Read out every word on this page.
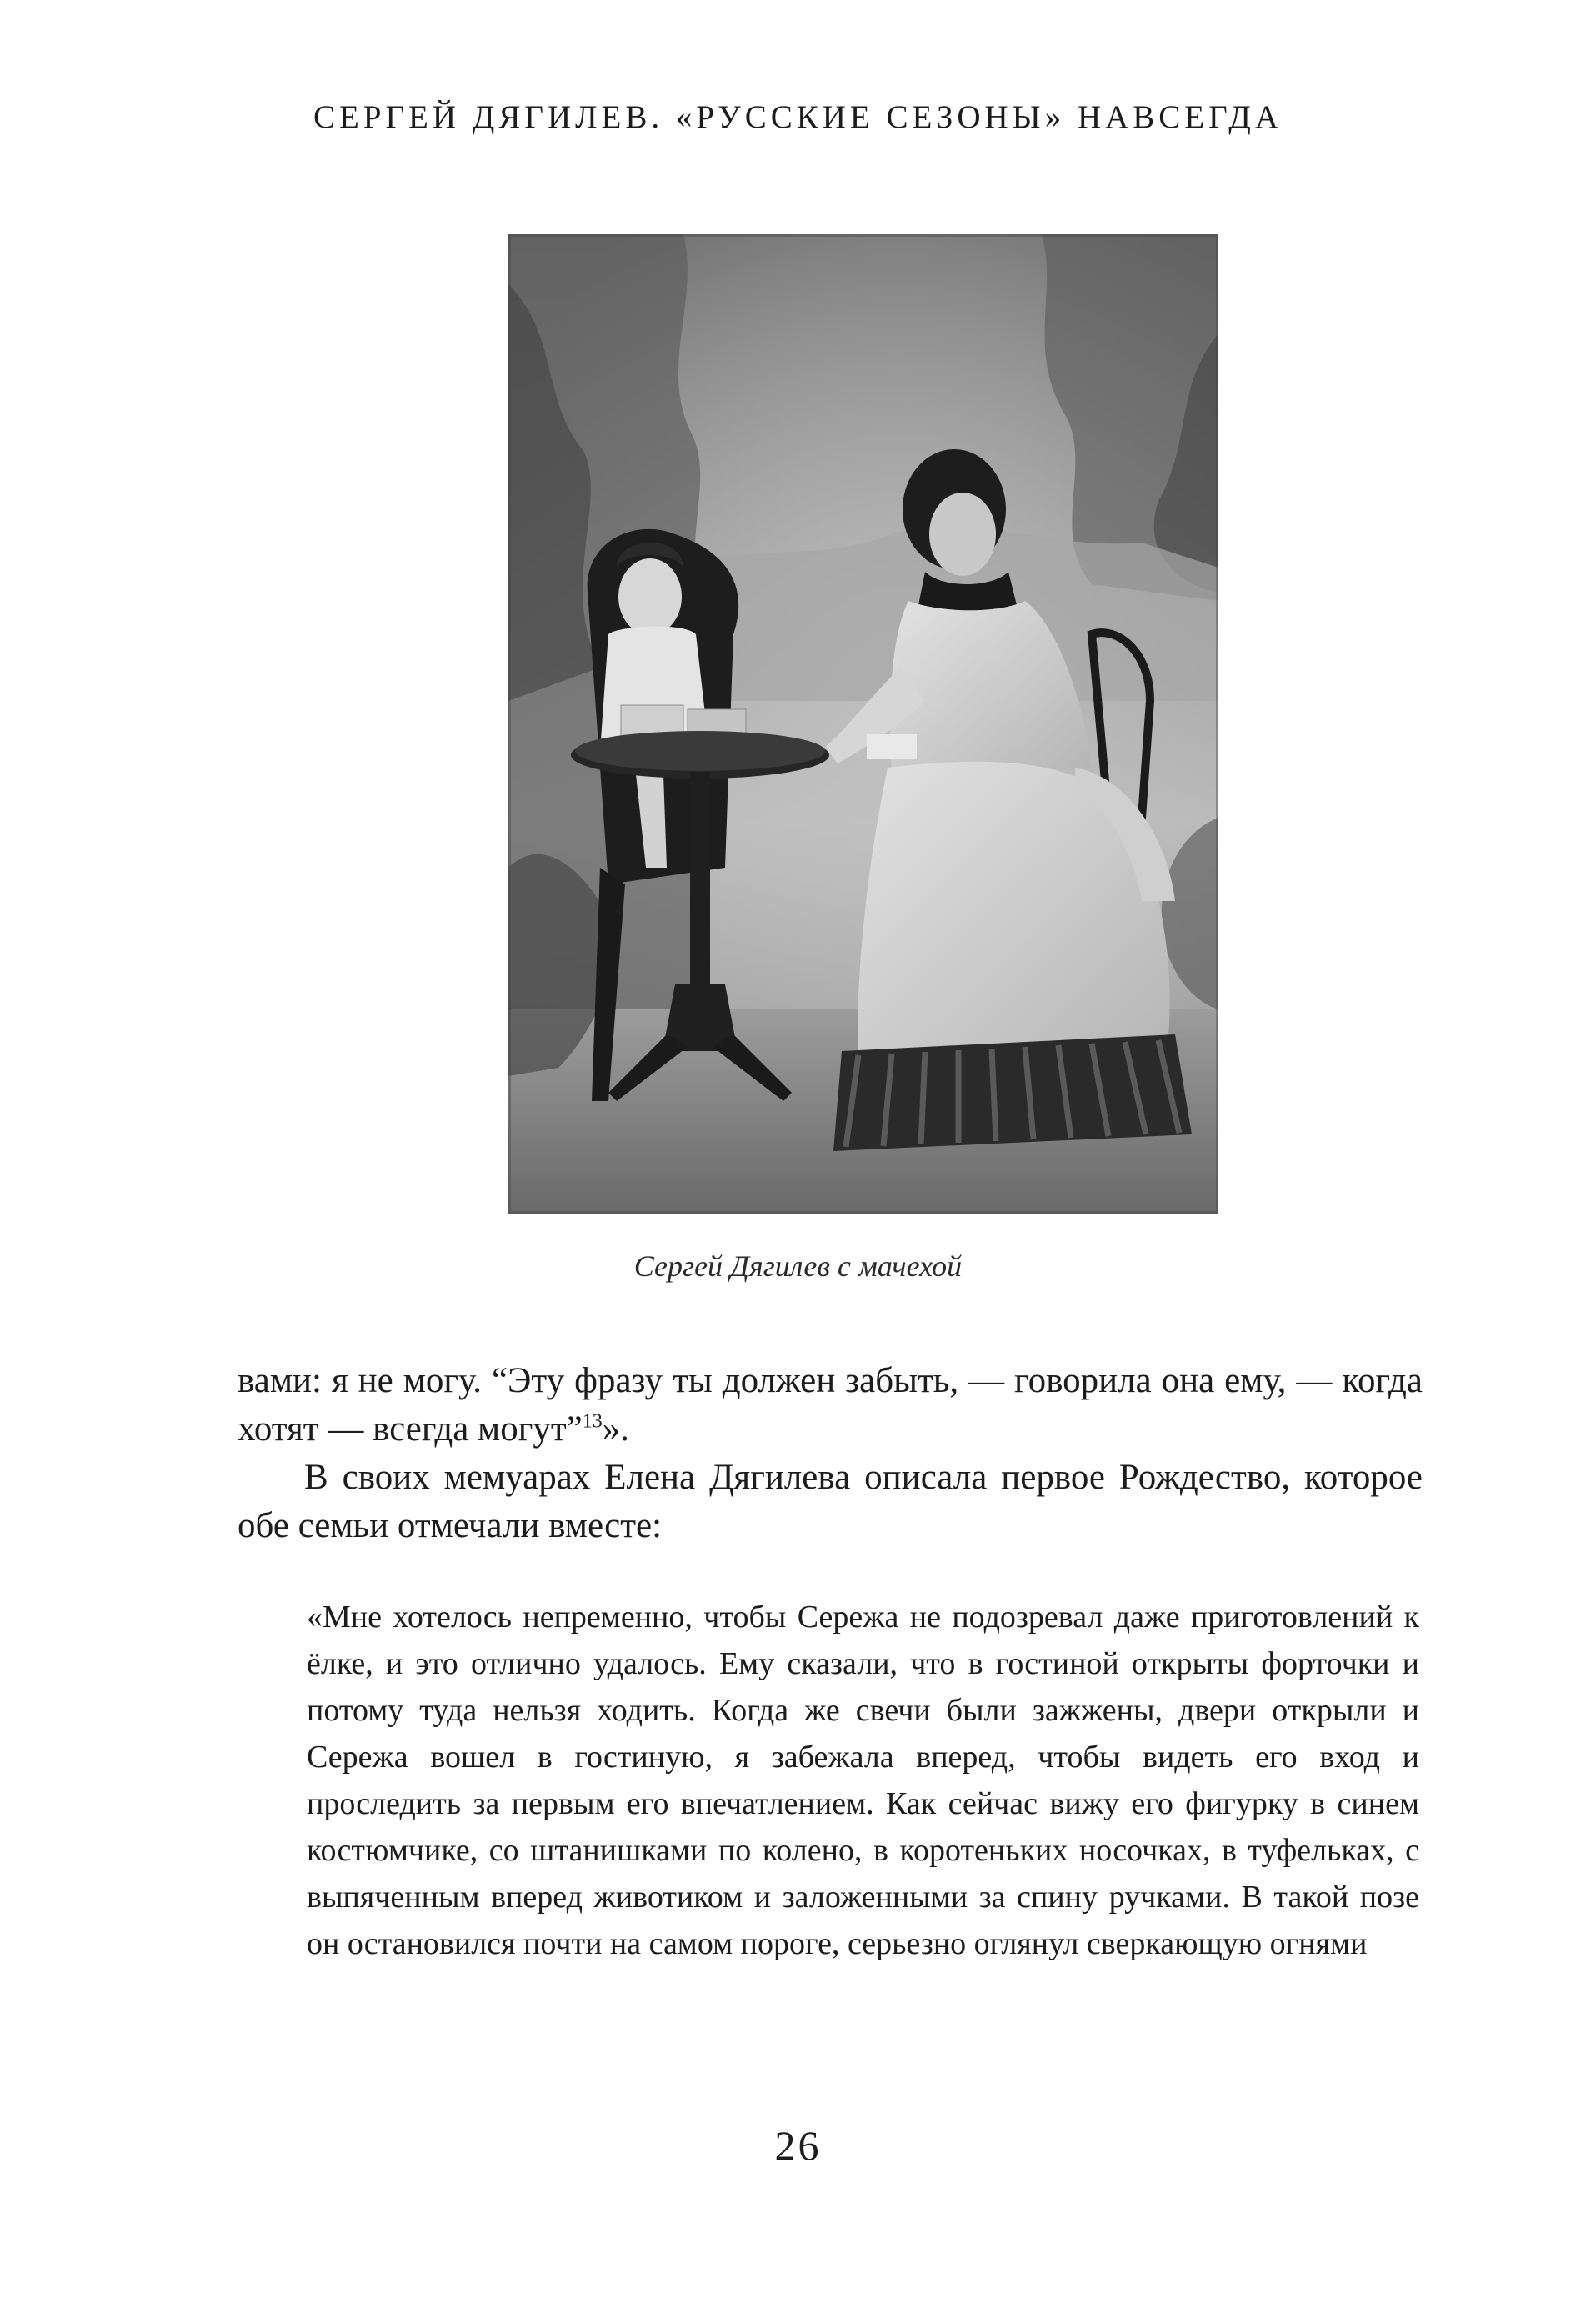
СЕРГЕЙ ДЯГИЛЕВ. «РУССКИЕ СЕЗОНЫ» НАВСЕГДА
Сергей Дягилев с мачехой

вами: я не могу. “Эту фразу ты должен забыть, — говорила она ему, — когда хотят — всегда могут”$^{13}$».

В своих мемуарах Елена Дягилева описала первое Рождество, которое обе семьи отмечали вместе:

«Мне хотелось непременно, чтобы Сережа не подозревал даже приготовлений к ёлке, и это отлично удалось. Ему сказали, что в гостиной открыты форточки и потому туда нельзя ходить. Когда же свечи были зажжены, двери открыли и Сережа вошел в гостиную, я забежала вперед, чтобы видеть его вход и проследить за первым его впечатлением. Как сейчас вижу его фигурку в синем костюмчике, со штанишками по колено, в коротеньких носочках, в туфельках, с выпяченным вперед животиком и заложенными за спину ручками. В такой позе он остановился почти на самом пороге, серьезно оглянул сверкающую огнями

26
